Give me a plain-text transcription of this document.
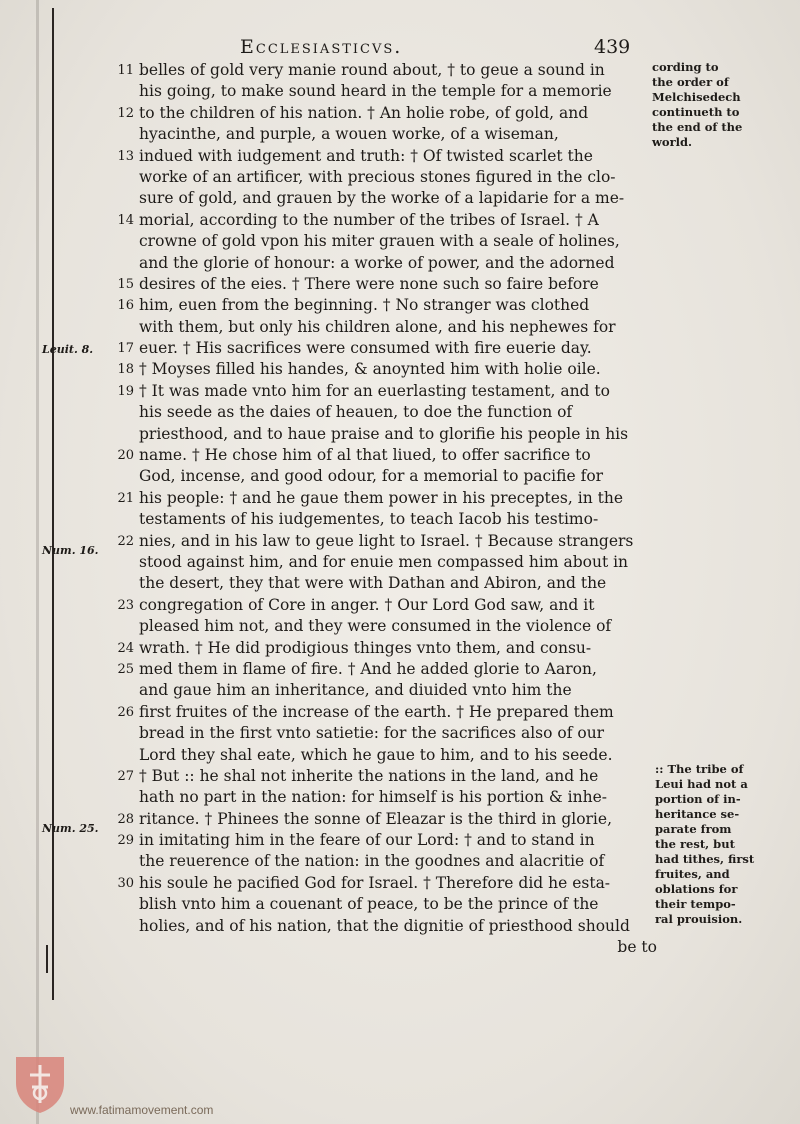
Ecclesiasticvs.	439
11 belles of gold very manie round about, † to geue a sound in
his going, to make sound heard in the temple for a memorie
12 to the children of his nation. † An holie robe, of gold, and
hyacinthe, and purple, a wouen worke, of a wiseman,
13 indued with iudgement and truth: † Of twisted scarlet the
worke of an artificer, with precious stones figured in the clo-
sure of gold, and grauen by the worke of a lapidarie for a me-
14 morial, according to the number of the tribes of Israel. † A
crowne of gold vpon his miter grauen with a seale of holines,
and the glorie of honour: a worke of power, and the adorned
15 desires of the eies. † There were none such so faire before
16 him, euen from the beginning. † No stranger was clothed
with them, but only his children alone, and his nephewes for
17 euer. † His sacrifices were consumed with fire euerie day.
18 † Moyses filled his handes, & anoynted him with holie oile.
19 † It was made vnto him for an euerlasting testament, and to
his seede as the daies of heauen, to doe the function of
priesthood, and to haue praise and to glorifie his people in his
20 name. † He chose him of al that liued, to offer sacrifice to
God, incense, and good odour, for a memorial to pacifie for
21 his people: † and he gaue them power in his preceptes, in the
testaments of his iudgementes, to teach Iacob his testimo-
22 nies, and in his law to geue light to Israel. † Because strangers
stood against him, and for enuie men compassed him about in
the desert, they that were with Dathan and Abiron, and the
23 congregation of Core in anger. † Our Lord God saw, and it
pleased him not, and they were consumed in the violence of
24 wrath. † He did prodigious thinges vnto them, and consu-
25 med them in flame of fire. † And he added glorie to Aaron,
and gaue him an inheritance, and diuided vnto him the
26 first fruites of the increase of the earth. † He prepared them
bread in the first vnto satietie: for the sacrifices also of our
Lord they shal eate, which he gaue to him, and to his seede.
27 † But :: he shal not inherite the nations in the land, and he
hath no part in the nation: for himself is his portion & inhe-
28 ritance. † Phinees the sonne of Eleazar is the third in glorie,
29 in imitating him in the feare of our Lord: † and to stand in
the reuerence of the nation: in the goodnes and alacritie of
30 his soule he pacified God for Israel. † Therefore did he esta-
blish vnto him a couenant of peace, to be the prince of the
holies, and of his nation, that the dignitie of priesthood should
be to
Leuit. 8.
Num. 16.
Num. 25.
cording to
the order of
Melchisedech
continueth to
the end of the
world.
:: The tribe of
Leui had not a
portion of in-
heritance se-
parate from
the rest, but
had tithes, first
fruites, and
oblations for
their tempo-
ral prouision.
www.fatimamovement.com
